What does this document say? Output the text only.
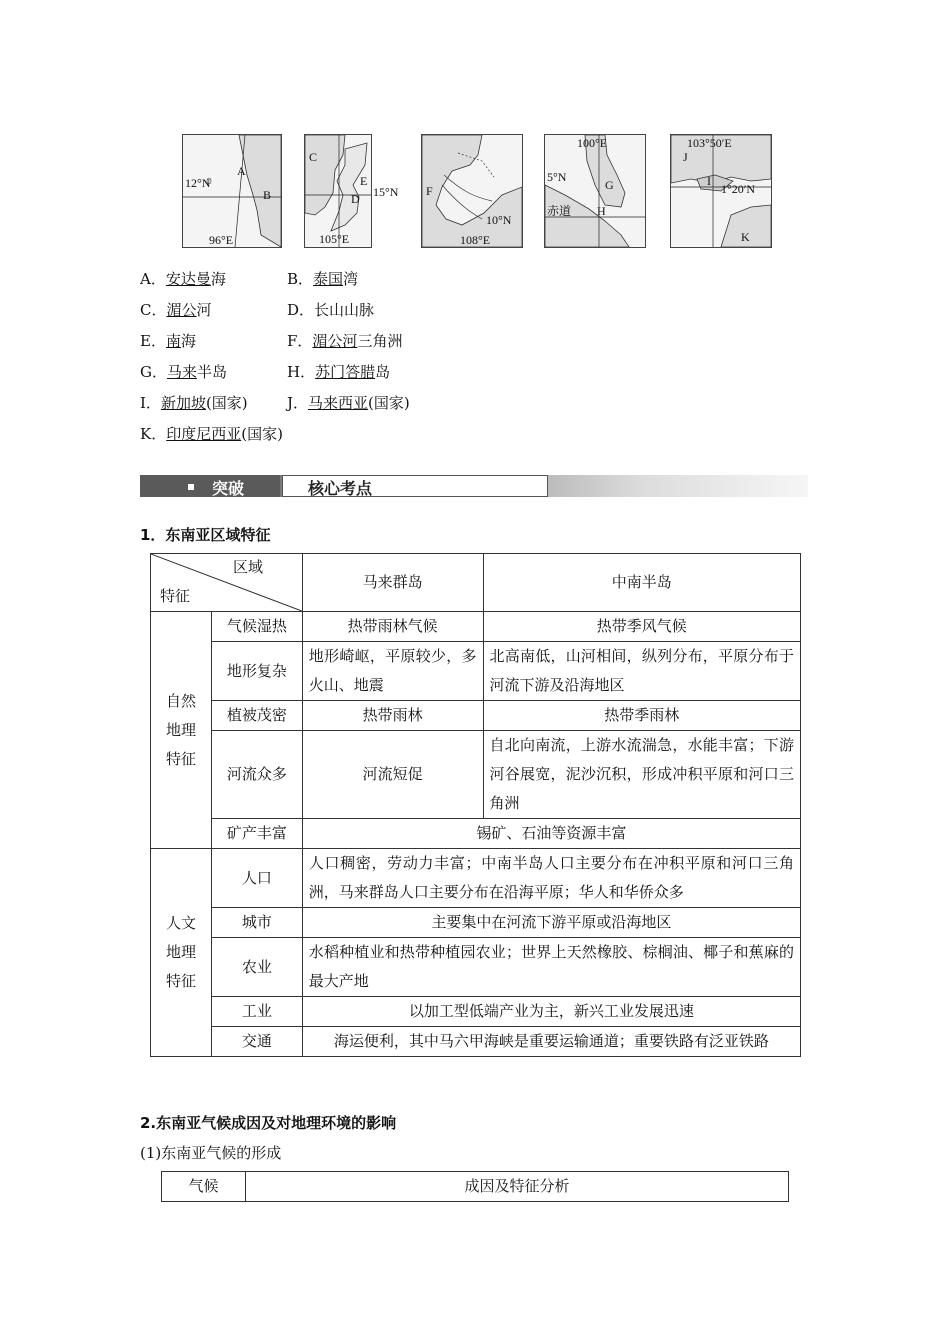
12°N
A
B
96°E
C
E
D
105°E
15°N F
10°N
108°E
100°E
5°N
G
赤道 H
103°50′E
J
I
1°20′N
K
A．安达曼海	B．泰国湾
C．湄公河	D．长山山脉
E．南海	F．湄公河三角洲
G．马来半岛	H．苏门答腊岛
I．新加坡(国家)	J．马来西亚(国家)
K．印度尼西亚(国家)
突破	核心考点
1．东南亚区域特征
区域
特征		马来群岛	中南半岛

自然
地理
特征	气候湿热	热带雨林气候	热带季风气候
	地形复杂	地形崎岖，平原较少，多火山、地震	北高南低，山河相间，纵列分布，平原分布于河流下游及沿海地区
	植被茂密	热带雨林	热带季雨林
	河流众多	河流短促	自北向南流，上游水流湍急，水能丰富；下游河谷展宽，泥沙沉积，形成冲积平原和河口三角洲
	矿产丰富	锡矿、石油等资源丰富	

人文
地理
特征	人口	人口稠密，劳动力丰富；中南半岛人口主要分布在冲积平原和河口三角洲，马来群岛人口主要分布在沿海平原；华人和华侨众多	
	城市	主要集中在河流下游平原或沿海地区	
	农业	水稻种植业和热带种植园农业；世界上天然橡胶、棕榈油、椰子和蕉麻的最大产地	
	工业	以加工型低端产业为主，新兴工业发展迅速	
	交通	海运便利，其中马六甲海峡是重要运输通道；重要铁路有泛亚铁路	
2.东南亚气候成因及对地理环境的影响
(1)东南亚气候的形成
气候	成因及特征分析
